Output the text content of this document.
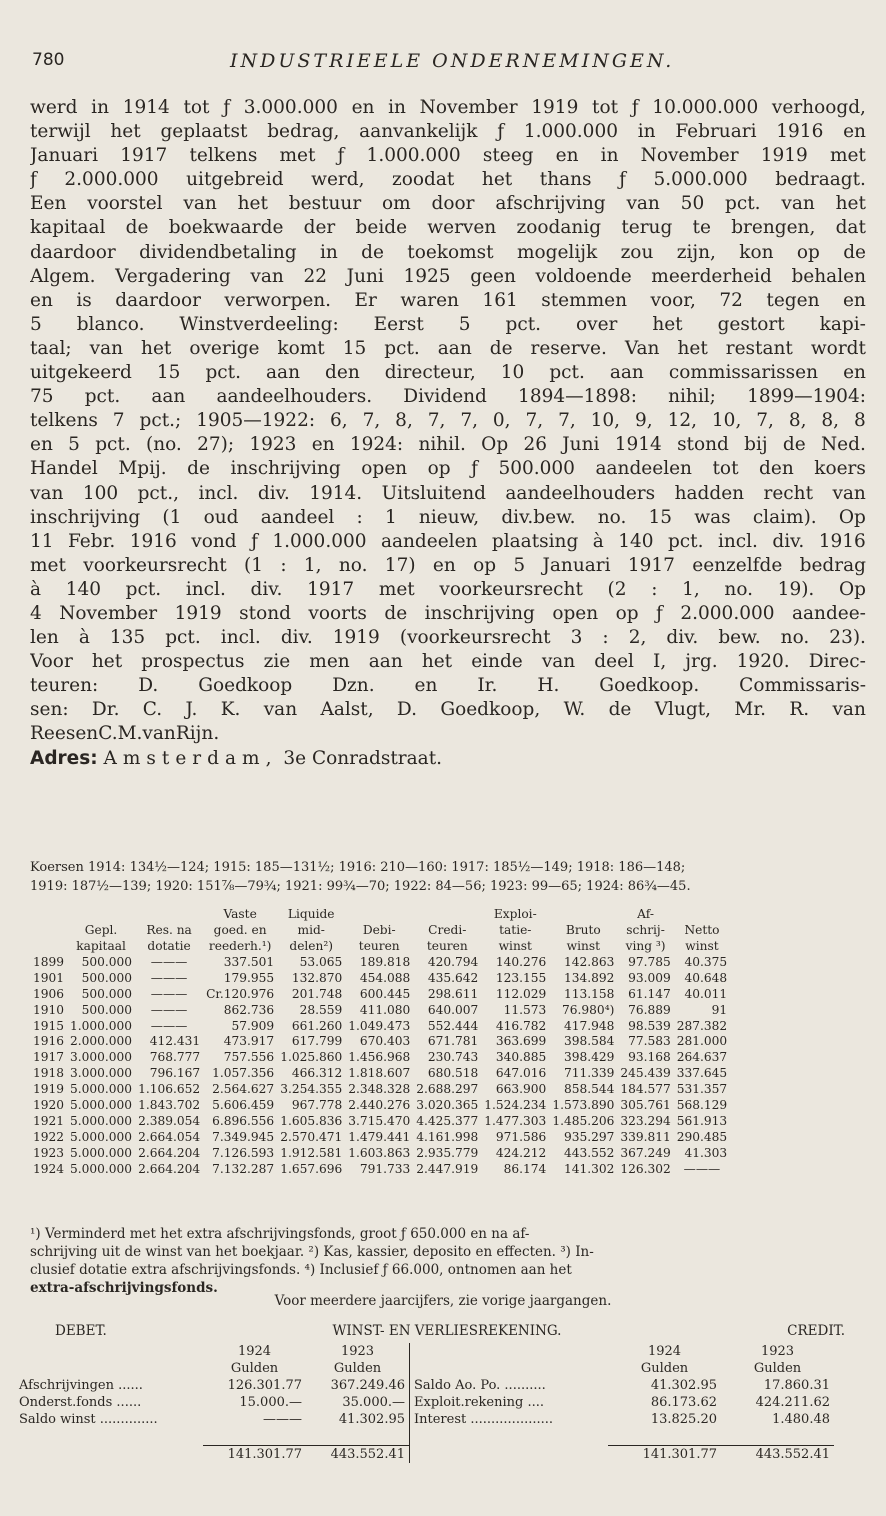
780	INDUSTRIEELE ONDERNEMINGEN.
werd in 1914 tot ƒ 3.000.000 en in November 1919 tot ƒ 10.000.000 verhoogd,
terwijl het geplaatst bedrag, aanvankelijk ƒ 1.000.000 in Februari 1916 en
Januari 1917 telkens met ƒ 1.000.000 steeg en in November 1919 met
ƒ 2.000.000 uitgebreid werd, zoodat het thans ƒ 5.000.000 bedraagt.
Een voorstel van het bestuur om door afschrijving van 50 pct. van het
kapitaal de boekwaarde der beide werven zoodanig terug te brengen, dat
daardoor dividendbetaling in de toekomst mogelijk zou zijn, kon op de
Algem. Vergadering van 22 Juni 1925 geen voldoende meerderheid behalen
en is daardoor verworpen. Er waren 161 stemmen voor, 72 tegen en
5 blanco. Winstverdeeling: Eerst 5 pct. over het gestort kapi-
taal; van het overige komt 15 pct. aan de reserve. Van het restant wordt
uitgekeerd 15 pct. aan den directeur, 10 pct. aan commissarissen en
75 pct. aan aandeelhouders. Dividend 1894—1898: nihil; 1899—1904:
telkens 7 pct.; 1905—1922: 6, 7, 8, 7, 7, 0, 7, 7, 10, 9, 12, 10, 7, 8, 8, 8
en 5 pct. (no. 27); 1923 en 1924: nihil. Op 26 Juni 1914 stond bij de Ned.
Handel Mpij. de inschrijving open op ƒ 500.000 aandeelen tot den koers
van 100 pct., incl. div. 1914. Uitsluitend aandeelhouders hadden recht van
inschrijving (1 oud aandeel : 1 nieuw, div.bew. no. 15 was claim). Op
11 Febr. 1916 vond ƒ 1.000.000 aandeelen plaatsing à 140 pct. incl. div. 1916
met voorkeursrecht (1 : 1, no. 17) en op 5 Januari 1917 eenzelfde bedrag
à 140 pct. incl. div. 1917 met voorkeursrecht (2 : 1, no. 19). Op
4 November 1919 stond voorts de inschrijving open op ƒ 2.000.000 aandee-
len à 135 pct. incl. div. 1919 (voorkeursrecht 3 : 2, div. bew. no. 23).
Voor het prospectus zie men aan het einde van deel I, jrg. 1920. Direc-
teuren: D. Goedkoop Dzn. en Ir. H. Goedkoop. Commissaris-
sen: Dr. C. J. K. van Aalst, D. Goedkoop, W. de Vlugt, Mr. R. van
Rees en C. M. van Rijn.
Adres:
Amsterdam,
3e Conradstraat.
Koersen 1914: 134½—124; 1915: 185—131½; 1916: 210—160: 1917: 185½—149; 1918: 186—148;
1919: 187½—139; 1920: 151⅞—79¾; 1921: 99¾—70; 1922: 84—56; 1923: 99—65; 1924: 86¾—45.
			Vaste	Liquide			Exploi-		Af-	
	Gepl.	Res. na	goed. en	mid-	Debi-	Credi-	tatie-	Bruto	schrij-	Netto
	kapitaal	dotatie	reederh.¹)	delen²)	teuren	teuren	winst	winst	ving ³)	winst
1899	500.000	———	337.501	53.065	189.818	420.794	140.276	142.863	97.785	40.375
1901	500.000	———	179.955	132.870	454.088	435.642	123.155	134.892	93.009	40.648
1906	500.000	———	Cr.120.976	201.748	600.445	298.611	112.029	113.158	61.147	40.011
1910	500.000	———	862.736	28.559	411.080	640.007	11.573	76.980⁴)	76.889	91
1915	1.000.000	———	57.909	661.260	1.049.473	552.444	416.782	417.948	98.539	287.382
1916	2.000.000	412.431	473.917	617.799	670.403	671.781	363.699	398.584	77.583	281.000
1917	3.000.000	768.777	757.556	1.025.860	1.456.968	230.743	340.885	398.429	93.168	264.637
1918	3.000.000	796.167	1.057.356	466.312	1.818.607	680.518	647.016	711.339	245.439	337.645
1919	5.000.000	1.106.652	2.564.627	3.254.355	2.348.328	2.688.297	663.900	858.544	184.577	531.357
1920	5.000.000	1.843.702	5.606.459	967.778	2.440.276	3.020.365	1.524.234	1.573.890	305.761	568.129
1921	5.000.000	2.389.054	6.896.556	1.605.836	3.715.470	4.425.377	1.477.303	1.485.206	323.294	561.913
1922	5.000.000	2.664.054	7.349.945	2.570.471	1.479.441	4.161.998	971.586	935.297	339.811	290.485
1923	5.000.000	2.664.204	7.126.593	1.912.581	1.603.863	2.935.779	424.212	443.552	367.249	41.303
1924	5.000.000	2.664.204	7.132.287	1.657.696	791.733	2.447.919	86.174	141.302	126.302	———
¹) Verminderd met het extra afschrijvingsfonds, groot ƒ 650.000 en na af-
schrijving uit de winst van het boekjaar. ²) Kas, kassier, deposito en effecten. ³) In-
clusief dotatie extra afschrijvingsfonds. ⁴) Inclusief ƒ 66.000, ontnomen aan het
extra-afschrijvingsfonds.
Voor meerdere jaarcijfers, zie vorige jaargangen.
DEBET.	WINST- EN VERLIESREKENING.	CREDIT.
	1924	1923		1924	1923
	Gulden	Gulden		Gulden	Gulden
Afschrijvingen ......	126.301.77	367.249.46	Saldo Ao. Po. ..........	41.302.95	17.860.31
Onderst.fonds ......	15.000.—	35.000.—	Exploit.rekening ....	86.173.62	424.211.62
Saldo winst ..............	———	41.302.95	Interest ....................	13.825.20	1.480.48

	141.301.77	443.552.41		141.301.77	443.552.41
